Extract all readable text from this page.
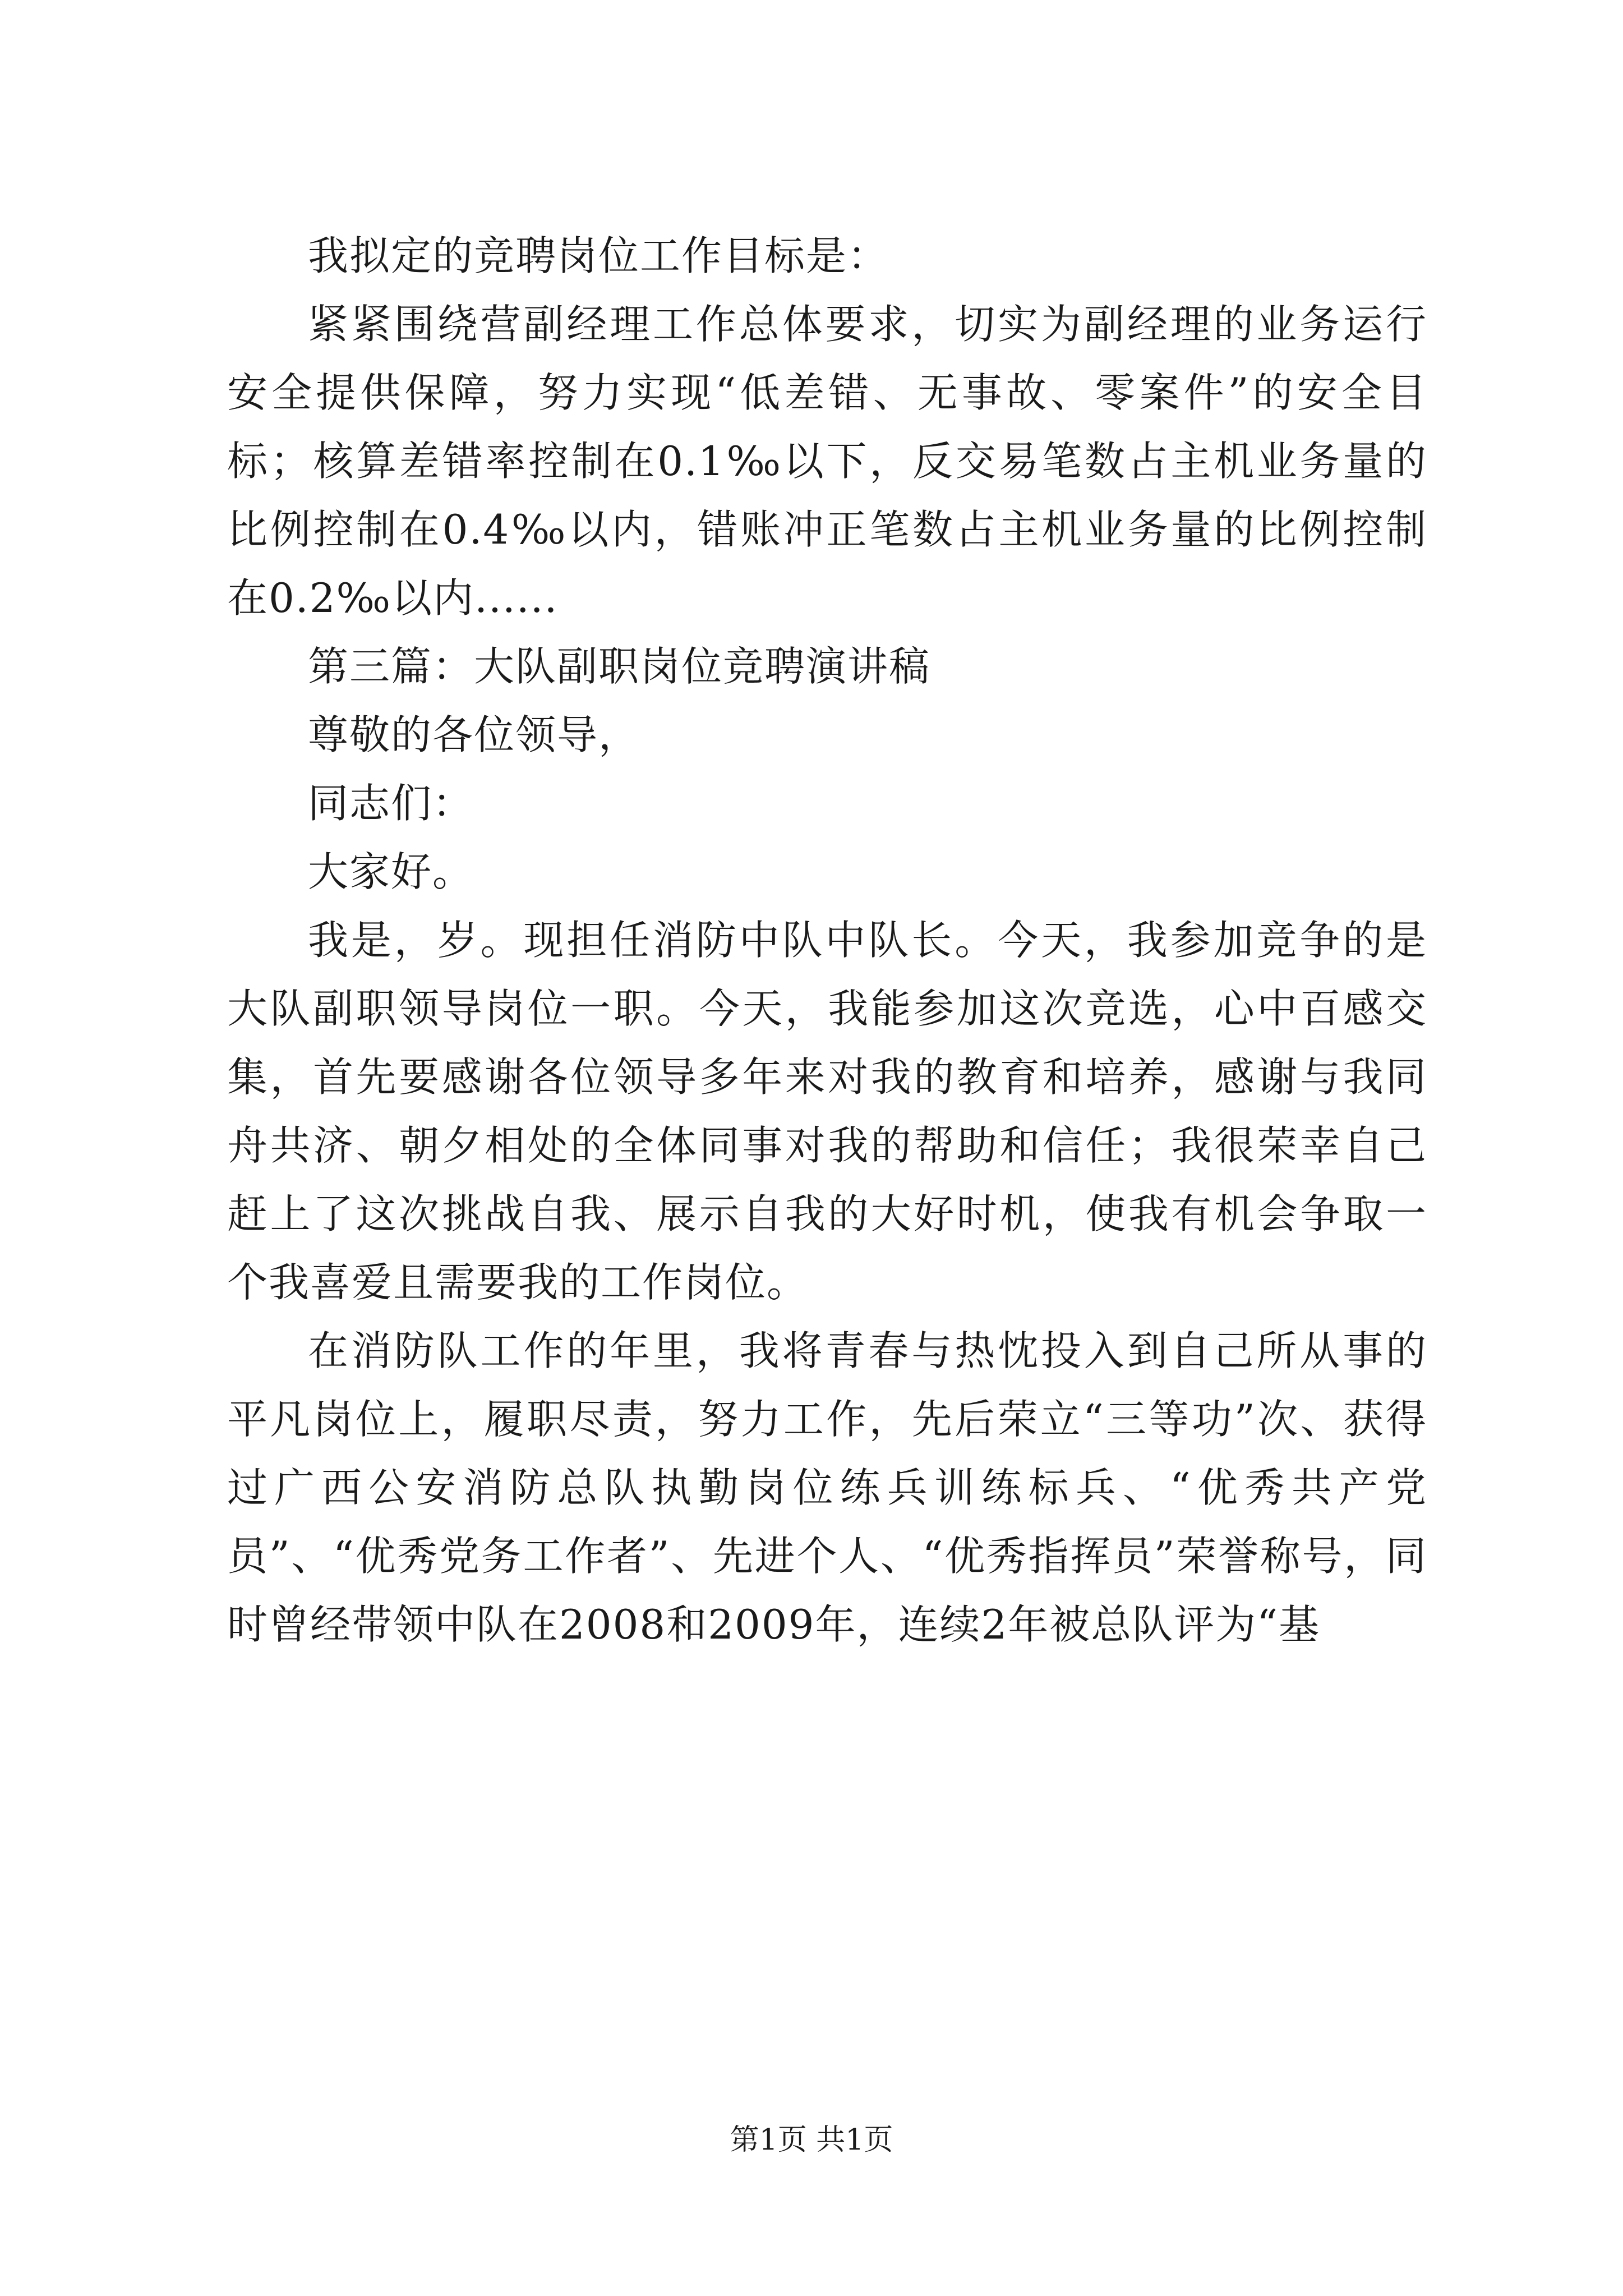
我拟定的竞聘岗位工作目标是：

紧紧围绕营副经理工作总体要求，切实为副经理的业务运行安全提供保障，努力实现“低差错、无事故、零案件”的安全目标；核算差错率控制在0.1‰以下，反交易笔数占主机业务量的比例控制在0.4‰以内，错账冲正笔数占主机业务量的比例控制在0.2‰以内......

第三篇：大队副职岗位竞聘演讲稿

尊敬的各位领导，

同志们：

大家好。

我是，岁。现担任消防中队中队长。今天，我参加竞争的是大队副职领导岗位一职。今天，我能参加这次竞选，心中百感交集，首先要感谢各位领导多年来对我的教育和培养，感谢与我同舟共济、朝夕相处的全体同事对我的帮助和信任；我很荣幸自己赶上了这次挑战自我、展示自我的大好时机，使我有机会争取一个我喜爱且需要我的工作岗位。

在消防队工作的年里，我将青春与热忱投入到自己所从事的平凡岗位上，履职尽责，努力工作，先后荣立“三等功”次、获得过广西公安消防总队执勤岗位练兵训练标兵、“优秀共产党员”、“优秀党务工作者”、先进个人、“优秀指挥员”荣誉称号，同时曾经带领中队在2008和2009年，连续2年被总队评为“基

第1页 共1页
